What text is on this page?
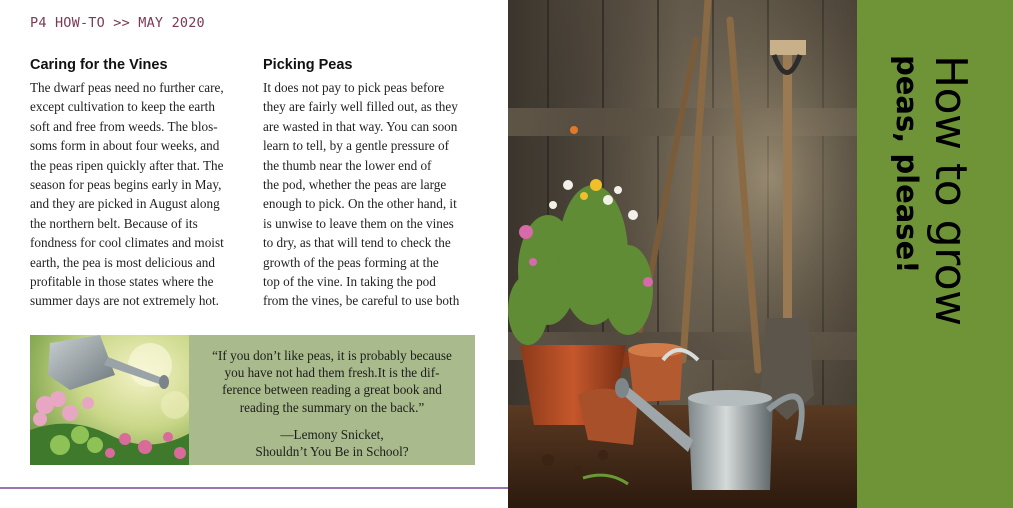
P4 HOW-TO >> MAY 2020
Caring for the Vines

The dwarf peas need no further care,
except cultivation to keep the earth
soft and free from weeds. The blos-
soms form in about four weeks, and
the peas ripen quickly after that. The
season for peas begins early in May,
and they are picked in August along
the northern belt. Because of its
fondness for cool climates and moist
earth, the pea is most delicious and
profitable in those states where the
summer days are not extremely hot.

Picking Peas

It does not pay to pick peas before
they are fairly well filled out, as they
are wasted in that way. You can soon
learn to tell, by a gentle pressure of
the thumb near the lower end of
the pod, whether the peas are large
enough to pick. On the other hand, it
is unwise to leave them on the vines
to dry, as that will tend to check the
growth of the peas forming at the
top of the vine. In taking the pod
from the vines, be careful to use both

“If you don’t like peas, it is probably because
you have not had them fresh.It is the dif-
ference between reading a great book and
reading the summary on the back.”
—Lemony Snicket,
Shouldn’t You Be in School?
How to grow
peas, please!
